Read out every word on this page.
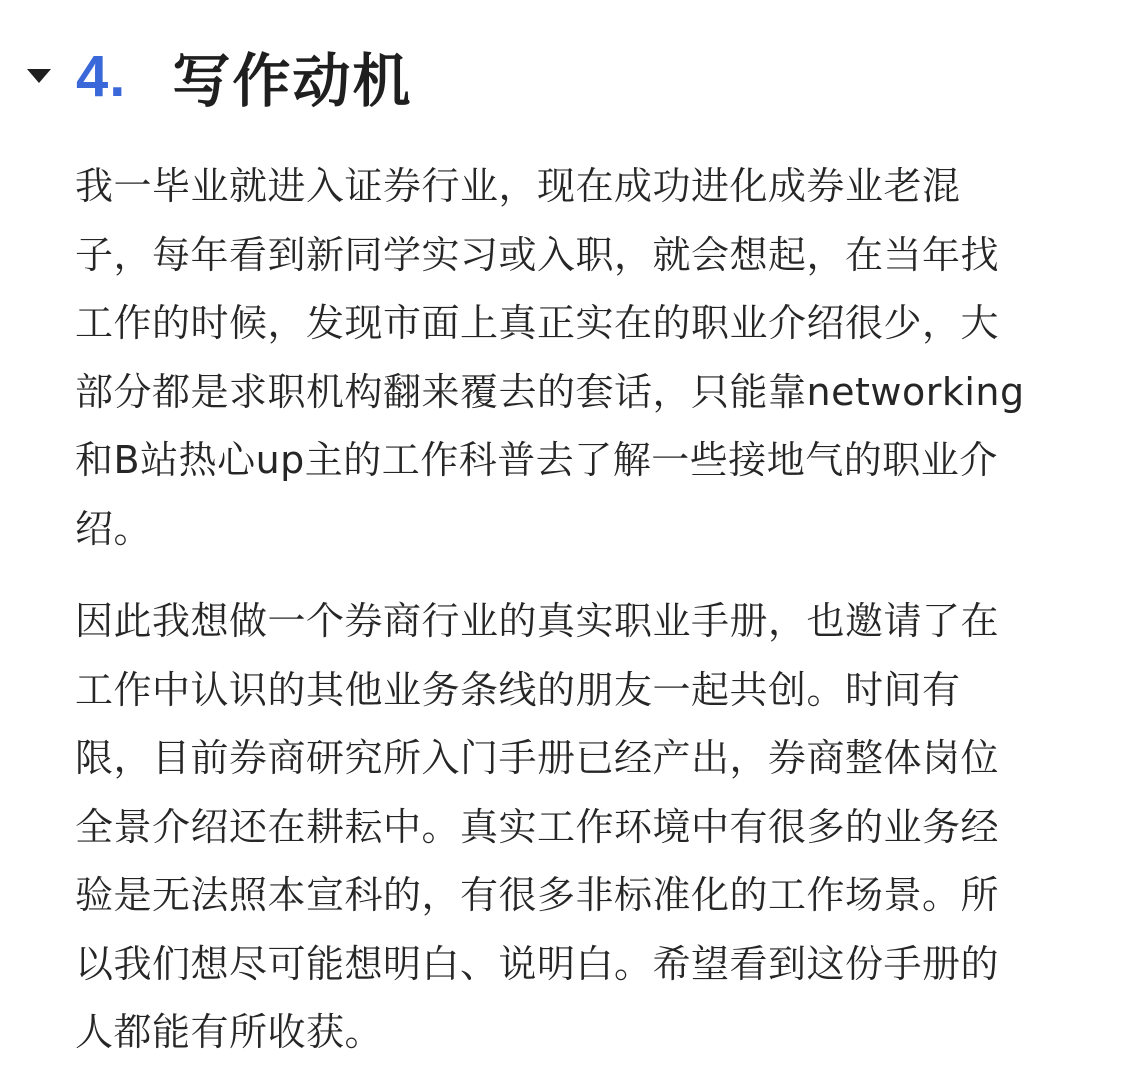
4. 写作动机

我一毕业就进入证券行业，现在成功进化成券业老混
子，每年看到新同学实习或入职，就会想起，在当年找
工作的时候，发现市面上真正实在的职业介绍很少，大
部分都是求职机构翻来覆去的套话，只能靠networking
和B站热心up主的工作科普去了解一些接地气的职业介
绍。

因此我想做一个券商行业的真实职业手册，也邀请了在
工作中认识的其他业务条线的朋友一起共创。时间有
限，目前券商研究所入门手册已经产出，券商整体岗位
全景介绍还在耕耘中。真实工作环境中有很多的业务经
验是无法照本宣科的，有很多非标准化的工作场景。所
以我们想尽可能想明白、说明白。希望看到这份手册的
人都能有所收获。
